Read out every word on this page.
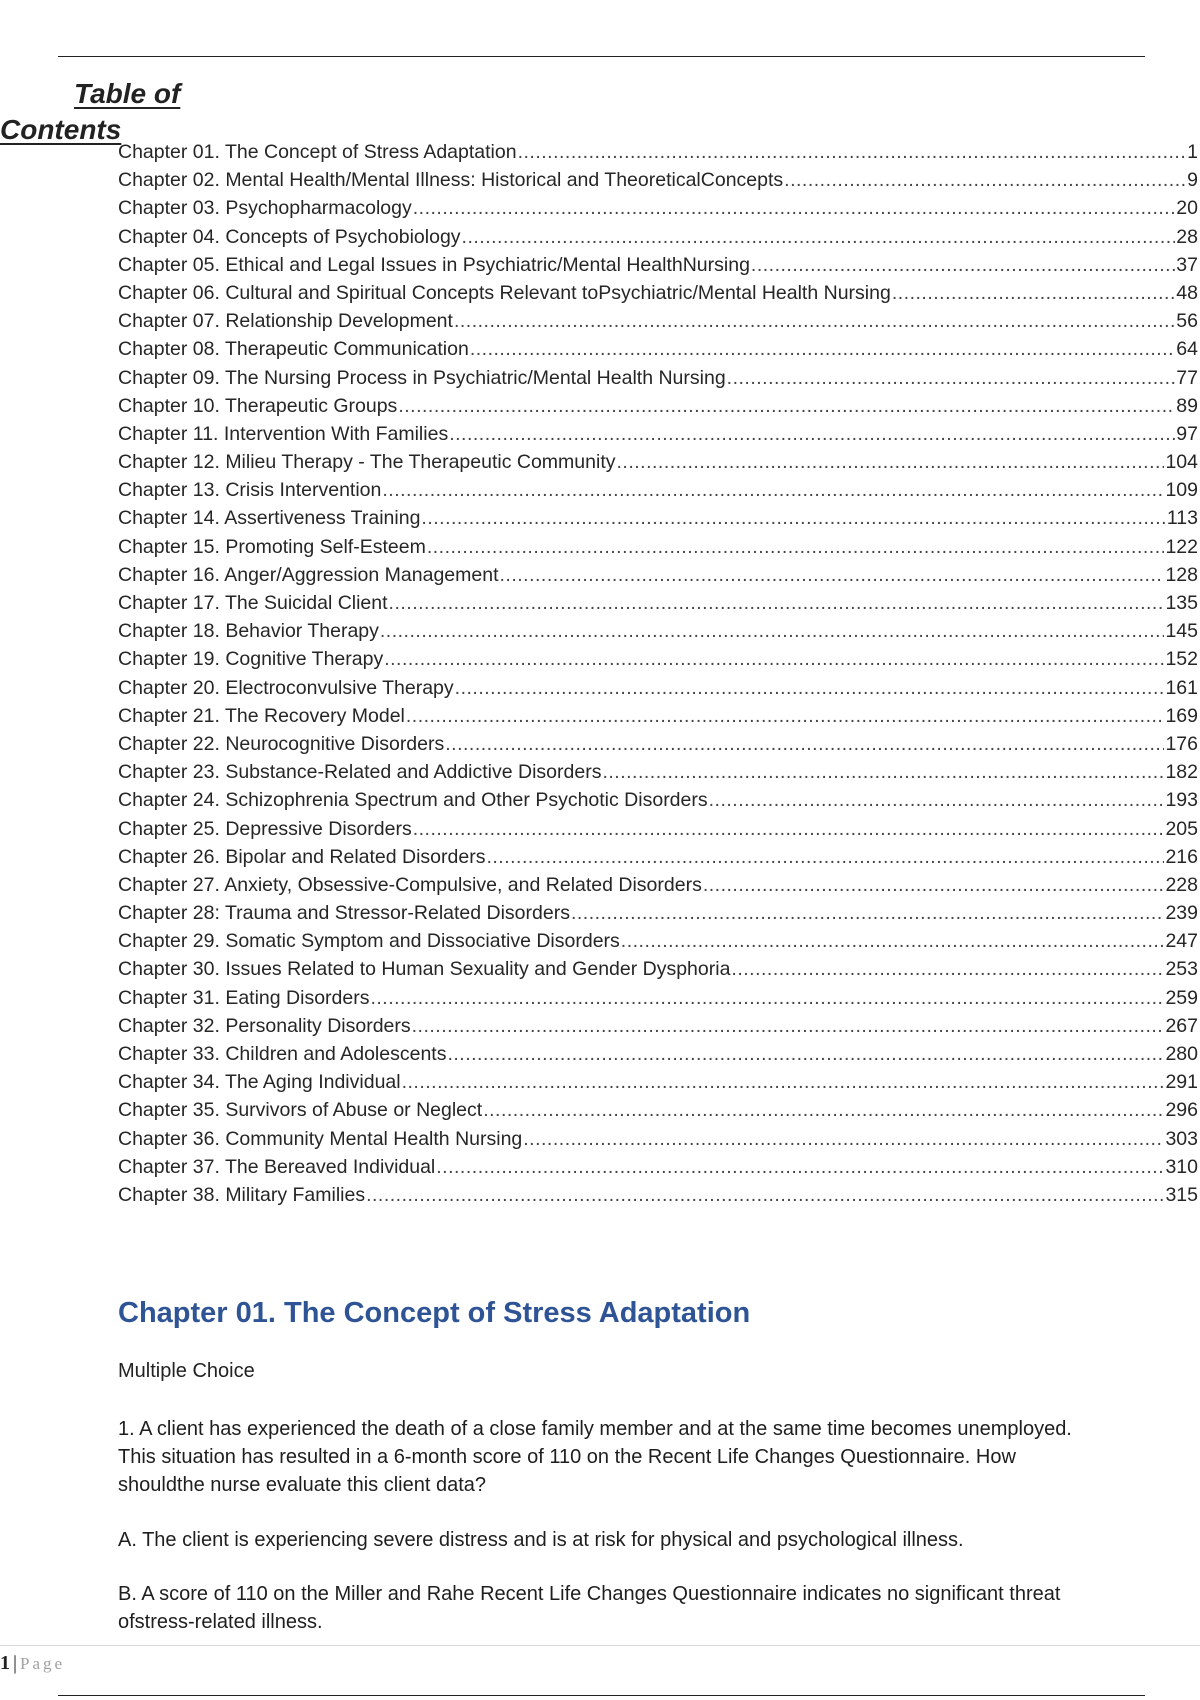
Table of Contents
Chapter 01. The Concept of Stress Adaptation .....	1
Chapter 02. Mental Health/Mental Illness: Historical and TheoreticalConcepts .....	9
Chapter 03. Psychopharmacology .....	20
Chapter 04. Concepts of Psychobiology .....	28
Chapter 05. Ethical and Legal Issues in Psychiatric/Mental HealthNursing .....	37
Chapter 06. Cultural and Spiritual Concepts Relevant toPsychiatric/Mental Health Nursing .....	48
Chapter 07. Relationship Development .....	56
Chapter 08. Therapeutic Communication .....	64
Chapter 09. The Nursing Process in Psychiatric/Mental Health Nursing .....	77
Chapter 10. Therapeutic Groups .....	89
Chapter 11. Intervention With Families .....	97
Chapter 12. Milieu Therapy - The Therapeutic Community .....	104
Chapter 13. Crisis Intervention .....	109
Chapter 14. Assertiveness Training .....	113
Chapter 15. Promoting Self-Esteem .....	122
Chapter 16. Anger/Aggression Management .....	128
Chapter 17. The Suicidal Client .....	135
Chapter 18. Behavior Therapy .....	145
Chapter 19. Cognitive Therapy .....	152
Chapter 20. Electroconvulsive Therapy .....	161
Chapter 21. The Recovery Model .....	169
Chapter 22. Neurocognitive Disorders .....	176
Chapter 23. Substance-Related and Addictive Disorders .....	182
Chapter 24. Schizophrenia Spectrum and Other Psychotic Disorders .....	193
Chapter 25. Depressive Disorders .....	205
Chapter 26. Bipolar and Related Disorders .....	216
Chapter 27. Anxiety, Obsessive-Compulsive, and Related Disorders .....	228
Chapter 28: Trauma and Stressor-Related Disorders .....	239
Chapter 29. Somatic Symptom and Dissociative Disorders .....	247
Chapter 30. Issues Related to Human Sexuality and Gender Dysphoria .....	253
Chapter 31. Eating Disorders .....	259
Chapter 32. Personality Disorders .....	267
Chapter 33. Children and Adolescents .....	280
Chapter 34. The Aging Individual .....	291
Chapter 35. Survivors of Abuse or Neglect .....	296
Chapter 36. Community Mental Health Nursing .....	303
Chapter 37. The Bereaved Individual .....	310
Chapter 38. Military Families .....	315
Chapter 01. The Concept of Stress Adaptation
Multiple Choice
1. A client has experienced the death of a close family member and at the same time becomes unemployed. This situation has resulted in a 6-month score of 110 on the Recent Life Changes Questionnaire. How shouldthe nurse evaluate this client data?
A. The client is experiencing severe distress and is at risk for physical and psychological illness.
B. A score of 110 on the Miller and Rahe Recent Life Changes Questionnaire indicates no significant threat ofstress-related illness.
1 | Page
